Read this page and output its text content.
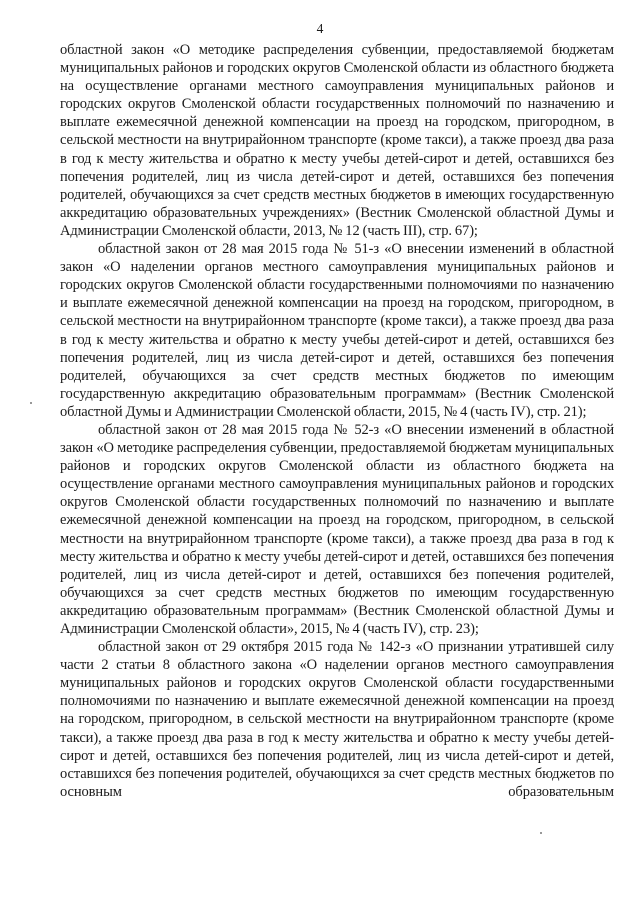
4

областной закон «О методике распределения субвенции, предоставляемой бюджетам муниципальных районов и городских округов Смоленской области из областного бюджета на осуществление органами местного самоуправления муниципальных районов и городских округов Смоленской области государственных полномочий по назначению и выплате ежемесячной денежной компенсации на проезд на городском, пригородном, в сельской местности на внутрирайонном транспорте (кроме такси), а также проезд два раза в год к месту жительства и обратно к месту учебы детей-сирот и детей, оставшихся без попечения родителей, лиц из числа детей-сирот и детей, оставшихся без попечения родителей, обучающихся за счет средств местных бюджетов в имеющих государственную аккредитацию образовательных учреждениях» (Вестник Смоленской областной Думы и Администрации Смоленской области, 2013, № 12 (часть III), стр. 67);

областной закон от 28 мая 2015 года № 51-з «О внесении изменений в областной закон «О наделении органов местного самоуправления муниципальных районов и городских округов Смоленской области государственными полномочиями по назначению и выплате ежемесячной денежной компенсации на проезд на городском, пригородном, в сельской местности на внутрирайонном транспорте (кроме такси), а также проезд два раза в год к месту жительства и обратно к месту учебы детей-сирот и детей, оставшихся без попечения родителей, лиц из числа детей-сирот и детей, оставшихся без попечения родителей, обучающихся за счет средств местных бюджетов по имеющим государственную аккредитацию образовательным программам» (Вестник Смоленской областной Думы и Администрации Смоленской области, 2015, № 4 (часть IV), стр. 21);

областной закон от 28 мая 2015 года № 52-з «О внесении изменений в областной закон «О методике распределения субвенции, предоставляемой бюджетам муниципальных районов и городских округов Смоленской области из областного бюджета на осуществление органами местного самоуправления муниципальных районов и городских округов Смоленской области государственных полномочий по назначению и выплате ежемесячной денежной компенсации на проезд на городском, пригородном, в сельской местности на внутрирайонном транспорте (кроме такси), а также проезд два раза в год к месту жительства и обратно к месту учебы детей-сирот и детей, оставшихся без попечения родителей, лиц из числа детей-сирот и детей, оставшихся без попечения родителей, обучающихся за счет средств местных бюджетов по имеющим государственную аккредитацию образовательным программам» (Вестник Смоленской областной Думы и Администрации Смоленской области», 2015, № 4 (часть IV), стр. 23);

областной закон от 29 октября 2015 года № 142-з «О признании утратившей силу части 2 статьи 8 областного закона «О наделении органов местного самоуправления муниципальных районов и городских округов Смоленской области государственными полномочиями по назначению и выплате ежемесячной денежной компенсации на проезд на городском, пригородном, в сельской местности на внутрирайонном транспорте (кроме такси), а также проезд два раза в год к месту жительства и обратно к месту учебы детей-сирот и детей, оставшихся без попечения родителей, лиц из числа детей-сирот и детей, оставшихся без попечения родителей, обучающихся за счет средств местных бюджетов по основным образовательным
